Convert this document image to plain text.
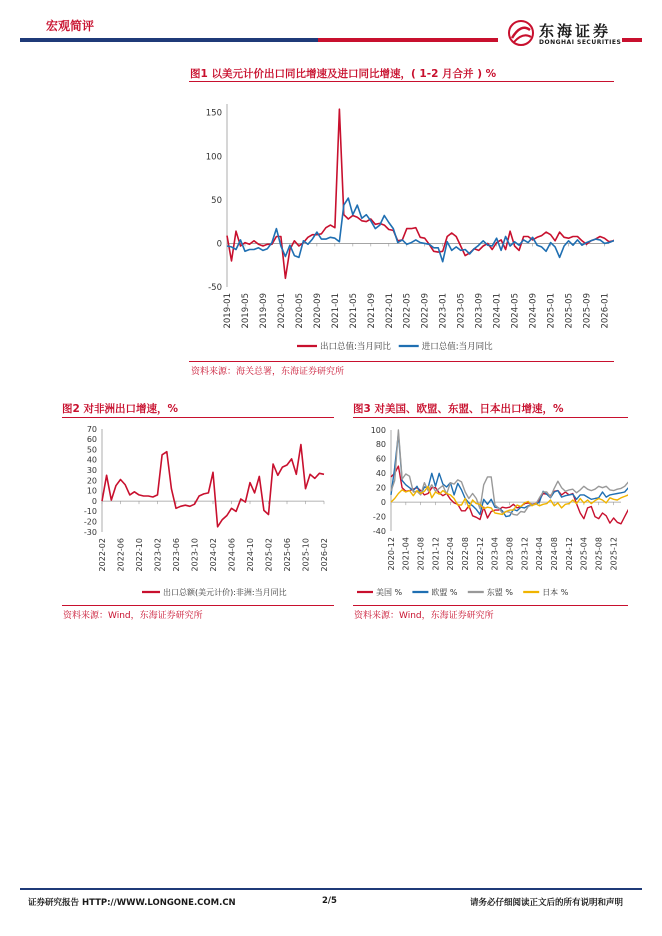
宏观简评	东海证券
DONGHAI SECURITIES
图1 以美元计价出口同比增速及进口同比增速，( 1-2 月合并 ) %
150
100
50
0
-50
2019-01 2019-05 2019-09 2020-01 2020-05 2020-09 2021-01 2021-05 2021-09 2022-01 2022-05 2022-09 2023-01 2023-05 2023-09 2024-01 2024-05 2024-09 2025-01 2025-05 2025-09 2026-01
出口总值:当月同比	进口总值:当月同比
资料来源：海关总署，东海证券研究所
图2 对非洲出口增速，%
70
60
50
40
30
20
10
0
-10
-20
-30
2022-02 2022-06 2022-10 2023-02 2023-06 2023-10 2024-02 2024-06 2024-10 2025-02 2025-06 2025-10 2026-02
出口总额(美元计价):非洲:当月同比
资料来源：Wind，东海证券研究所
图3 对美国、欧盟、东盟、日本出口增速，%
100
80
60
40
20
0
-20
-40
2020-12 2021-04 2021-08 2021-12 2022-04 2022-08 2022-12 2023-04 2023-08 2023-12 2024-04 2024-08 2024-12 2025-04 2025-08 2025-12
美国 %	欧盟 %	东盟 %	日本 %
资料来源：Wind，东海证券研究所
证券研究报告 HTTP://WWW.LONGONE.COM.CN	2/5	请务必仔细阅读正文后的所有说明和声明
